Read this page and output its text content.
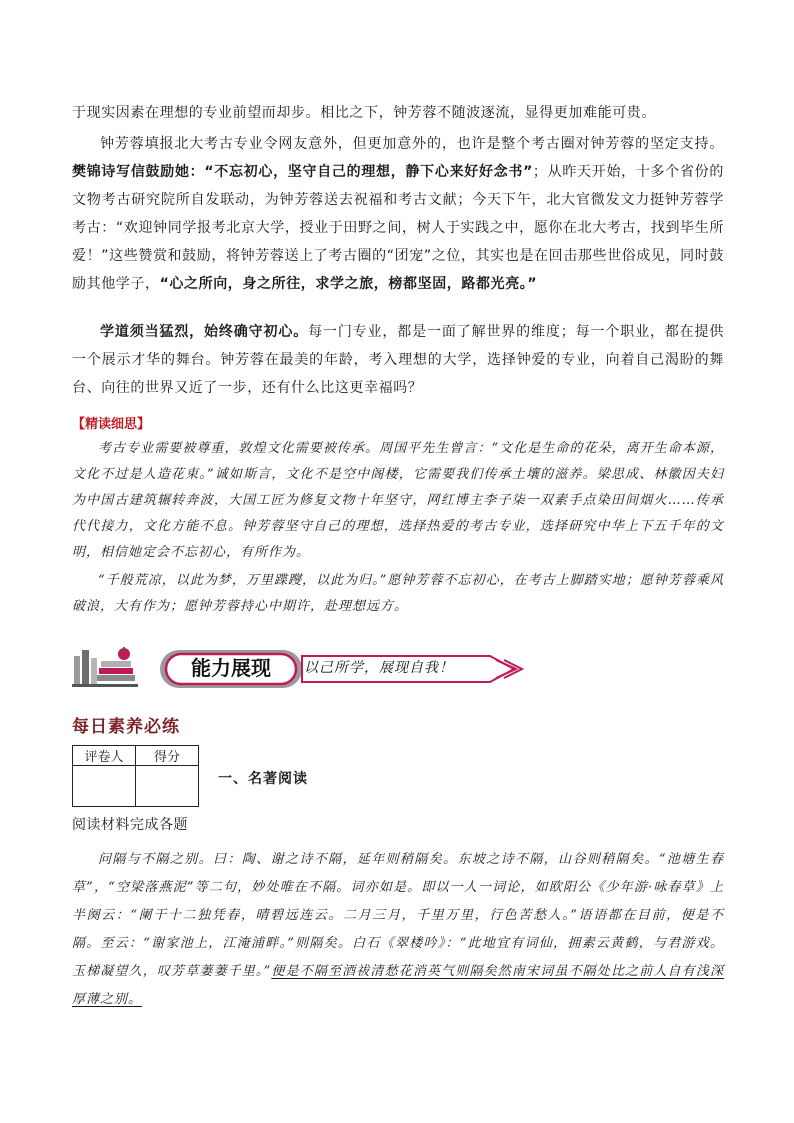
于现实因素在理想的专业前望而却步。相比之下，钟芳蓉不随波逐流，显得更加难能可贵。
钟芳蓉填报北大考古专业令网友意外，但更加意外的，也许是整个考古圈对钟芳蓉的坚定支持。樊锦诗写信鼓励她：“不忘初心，坚守自己的理想，静下心来好好念书”；从昨天开始，十多个省份的文物考古研究院所自发联动，为钟芳蓉送去祝福和考古文献；今天下午，北大官微发文力挺钟芳蓉学考古：“欢迎钟同学报考北京大学，授业于田野之间，树人于实践之中，愿你在北大考古，找到毕生所爱！”这些赞赏和鼓励，将钟芳蓉送上了考古圈的“团宠”之位，其实也是在回击那些世俗成见，同时鼓励其他学子，“心之所向，身之所往，求学之旅，榜都坚固，路都光亮。”
学道须当猛烈，始终确守初心。每一门专业，都是一面了解世界的维度；每一个职业，都在提供一个展示才华的舞台。钟芳蓉在最美的年龄，考入理想的大学，选择钟爱的专业，向着自己渴盼的舞台、向往的世界又近了一步，还有什么比这更幸福吗？
【精读细思】
考古专业需要被尊重，敦煌文化需要被传承。周国平先生曾言：“文化是生命的花朵，离开生命本源，文化不过是人造花束。”诚如斯言，文化不是空中阁楼，它需要我们传承土壤的滋养。梁思成、林徽因夫妇为中国古建筑辗转奔波，大国工匠为修复文物十年坚守，网红博主李子柒一双素手点染田间烟火……传承代代接力，文化方能不息。钟芳蓉坚守自己的理想，选择热爱的考古专业，选择研究中华上下五千年的文明，相信她定会不忘初心，有所作为。
“千般荒凉，以此为梦，万里蹀躞，以此为归。”愿钟芳蓉不忘初心，在考古上脚踏实地；愿钟芳蓉乘风破浪，大有作为；愿钟芳蓉持心中期许，赴理想远方。
能力展现	以己所学，展现自我！
每日素养必练
评卷人	得分

一、名著阅读
阅读材料完成各题
问隔与不隔之别。曰：陶、谢之诗不隔，延年则稍隔矣。东坡之诗不隔，山谷则稍隔矣。“池塘生春草”，“空梁落燕泥”等二句，妙处唯在不隔。词亦如是。即以一人一词论，如欧阳公《少年游·咏春草》上半阕云：“阑干十二独凭春，晴碧远连云。二月三月，千里万里，行色苦愁人。”语语都在目前，便是不隔。至云：“谢家池上，江淹浦畔。”则隔矣。白石《翠楼吟》：“此地宜有词仙，拥素云黄鹤，与君游戏。玉梯凝望久，叹芳草萋萋千里。”便是不隔至酒祓清愁花消英气则隔矣然南宋词虽不隔处比之前人自有浅深厚薄之别。
